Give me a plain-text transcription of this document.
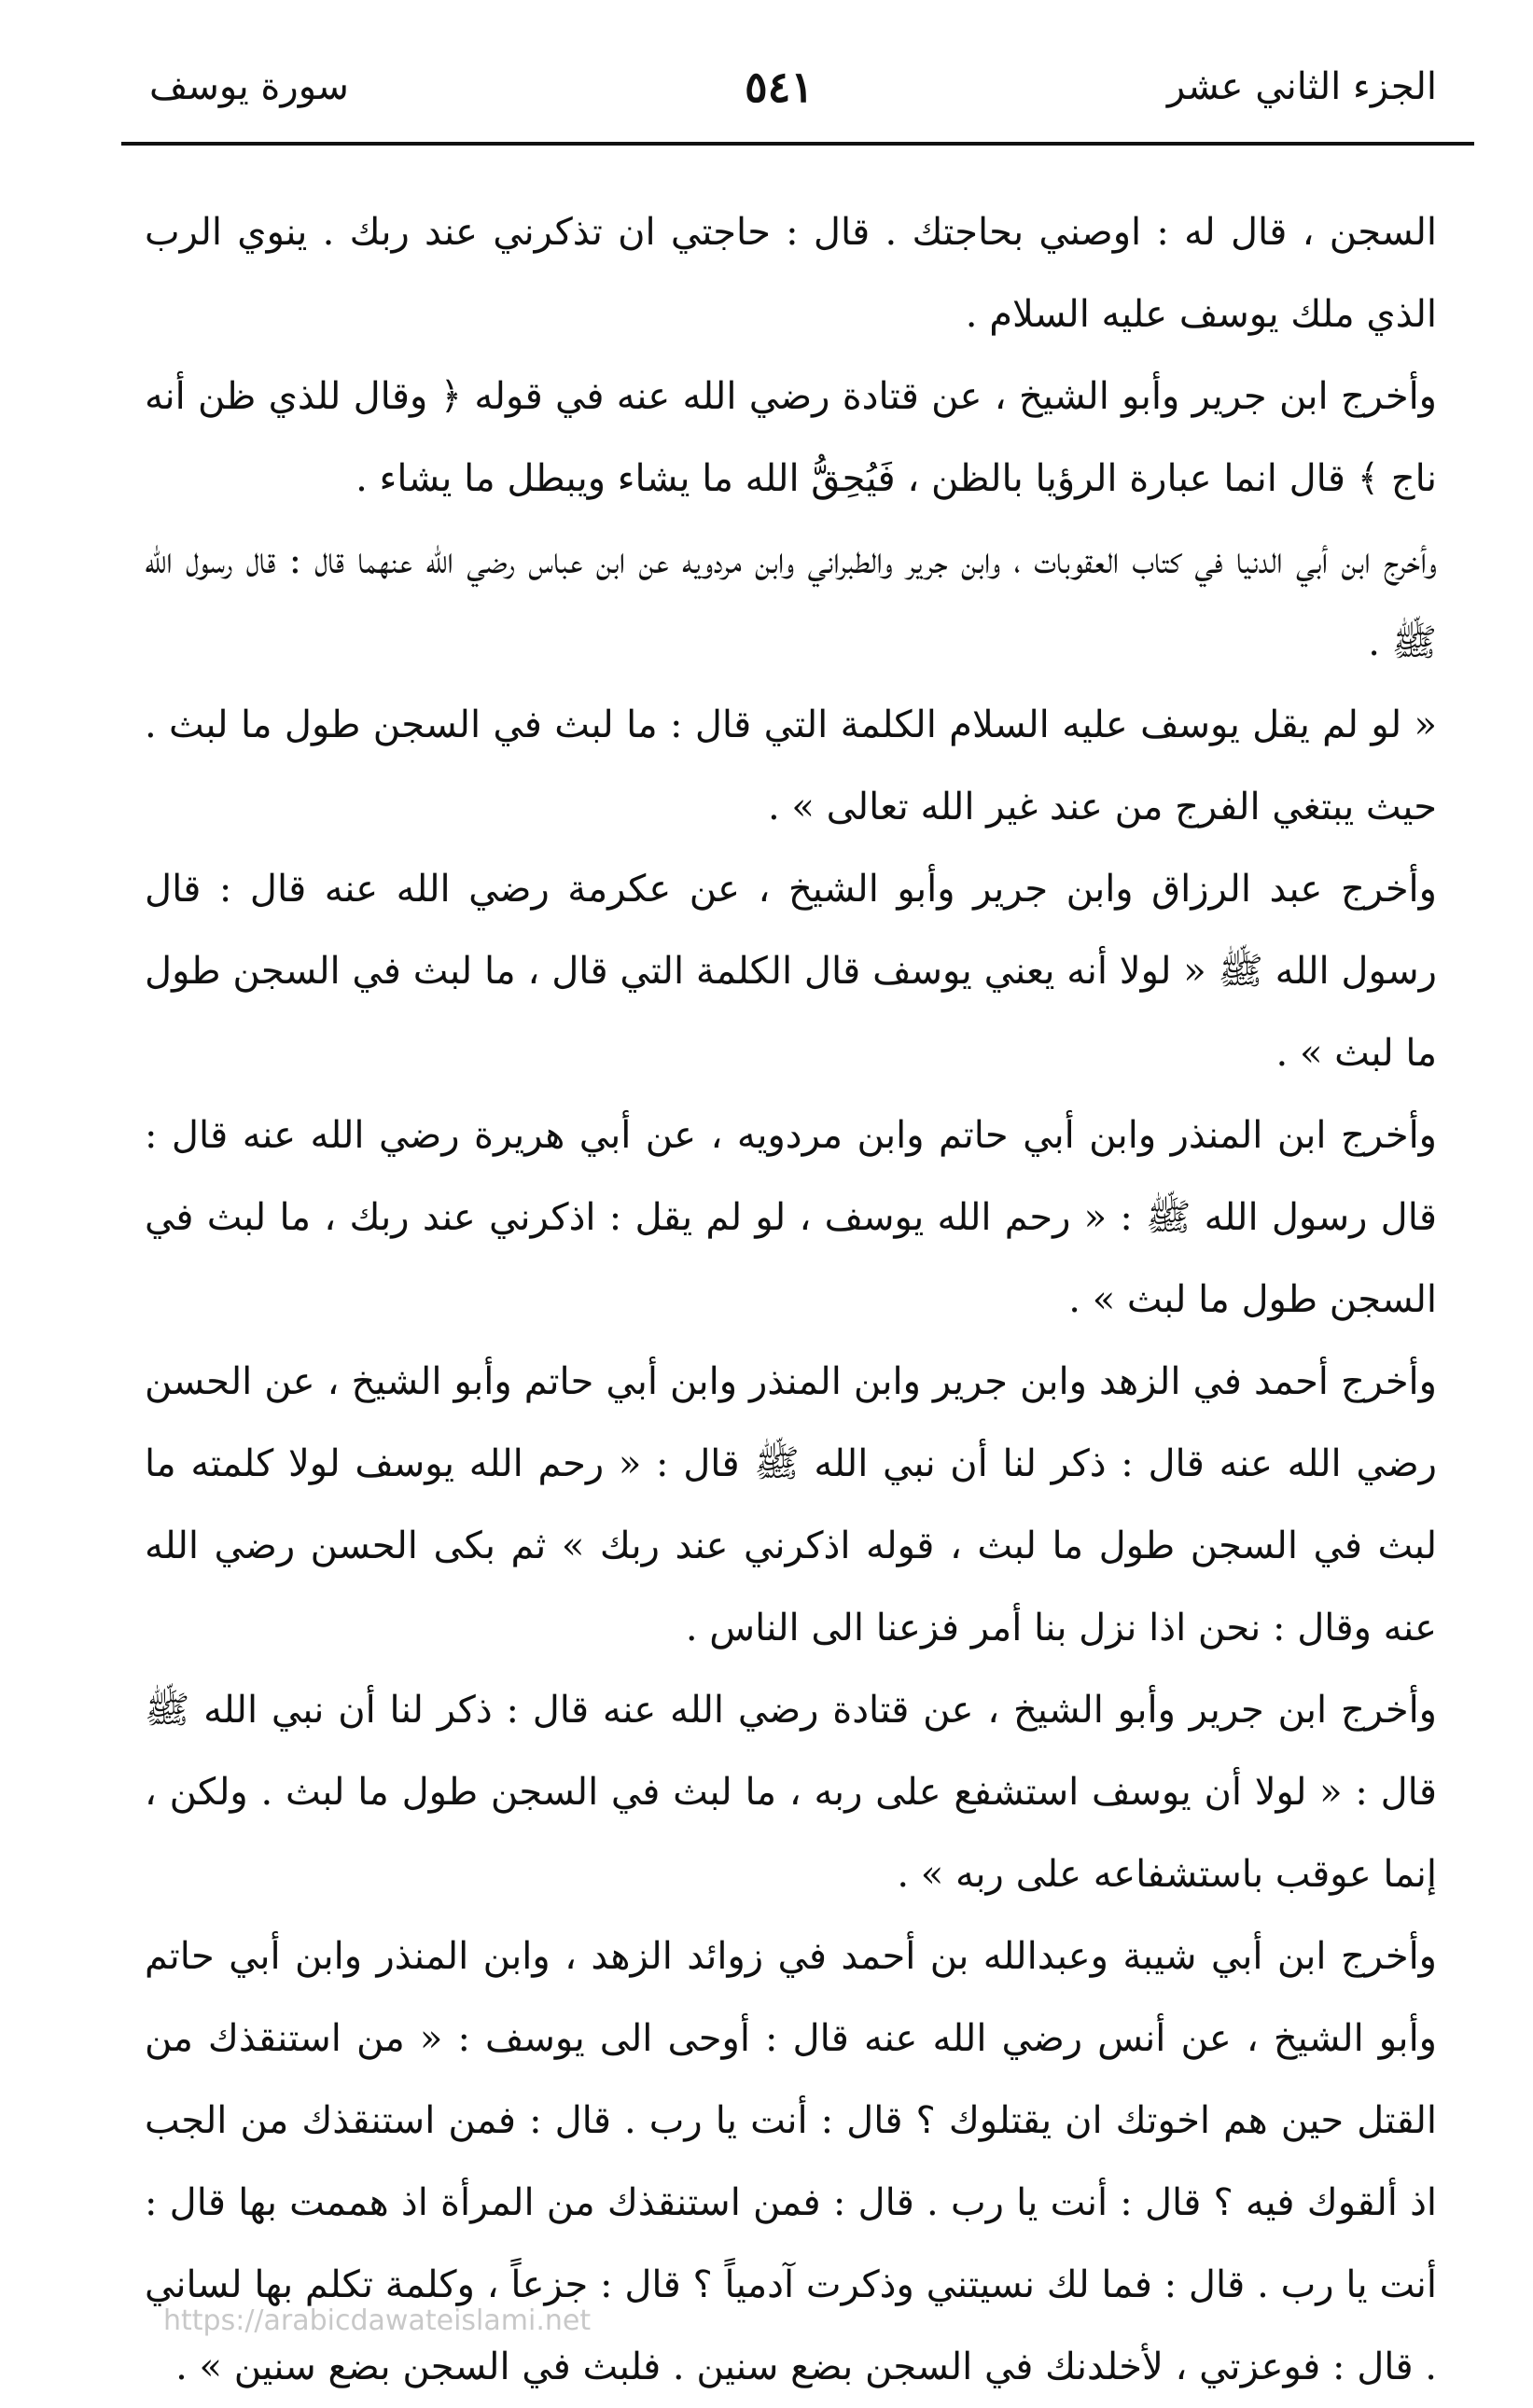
الجزء الثاني عشر
٥٤١
سورة يوسف

السجن ، قال له : اوصني بحاجتك . قال : حاجتي ان تذكرني عند ربك . ينوي الرب الذي ملك يوسف عليه السلام .

وأخرج ابن جرير وأبو الشيخ ، عن قتادة رضي الله عنه في قوله ﴿ وقال للذي ظن أنه ناج ﴾ قال انما عبارة الرؤيا بالظن ، فَيُحِقُّ الله ما يشاء ويبطل ما يشاء .

وأخرج ابن أبي الدنيا في كتاب العقوبات ، وابن جرير والطبراني وابن مردويه عن ابن عباس رضي الله عنهما قال : قال رسول الله ﷺ .

« لو لم يقل يوسف عليه السلام الكلمة التي قال : ما لبث في السجن طول ما لبث . حيث يبتغي الفرج من عند غير الله تعالى » .

وأخرج عبد الرزاق وابن جرير وأبو الشيخ ، عن عكرمة رضي الله عنه قال : قال رسول الله ﷺ « لولا أنه يعني يوسف قال الكلمة التي قال ، ما لبث في السجن طول ما لبث » .

وأخرج ابن المنذر وابن أبي حاتم وابن مردويه ، عن أبي هريرة رضي الله عنه قال : قال رسول الله ﷺ : « رحم الله يوسف ، لو لم يقل : اذكرني عند ربك ، ما لبث في السجن طول ما لبث » .

وأخرج أحمد في الزهد وابن جرير وابن المنذر وابن أبي حاتم وأبو الشيخ ، عن الحسن رضي الله عنه قال : ذكر لنا أن نبي الله ﷺ قال : « رحم الله يوسف لولا كلمته ما لبث في السجن طول ما لبث ، قوله اذكرني عند ربك » ثم بكى الحسن رضي الله عنه وقال : نحن اذا نزل بنا أمر فزعنا الى الناس .

وأخرج ابن جرير وأبو الشيخ ، عن قتادة رضي الله عنه قال : ذكر لنا أن نبي الله ﷺ قال : « لولا أن يوسف استشفع على ربه ، ما لبث في السجن طول ما لبث . ولكن ، إنما عوقب باستشفاعه على ربه » .

وأخرج ابن أبي شيبة وعبدالله بن أحمد في زوائد الزهد ، وابن المنذر وابن أبي حاتم وأبو الشيخ ، عن أنس رضي الله عنه قال : أوحى الى يوسف : « من استنقذك من القتل حين هم اخوتك ان يقتلوك ؟ قال : أنت يا رب . قال : فمن استنقذك من الجب اذ ألقوك فيه ؟ قال : أنت يا رب . قال : فمن استنقذك من المرأة اذ هممت بها قال : أنت يا رب . قال : فما لك نسيتني وذكرت آدمياً ؟ قال : جزعاً ، وكلمة تكلم بها لساني . قال : فوعزتي ، لأخلدنك في السجن بضع سنين . فلبث في السجن بضع سنين » .

https://arabicdawateislami.net
